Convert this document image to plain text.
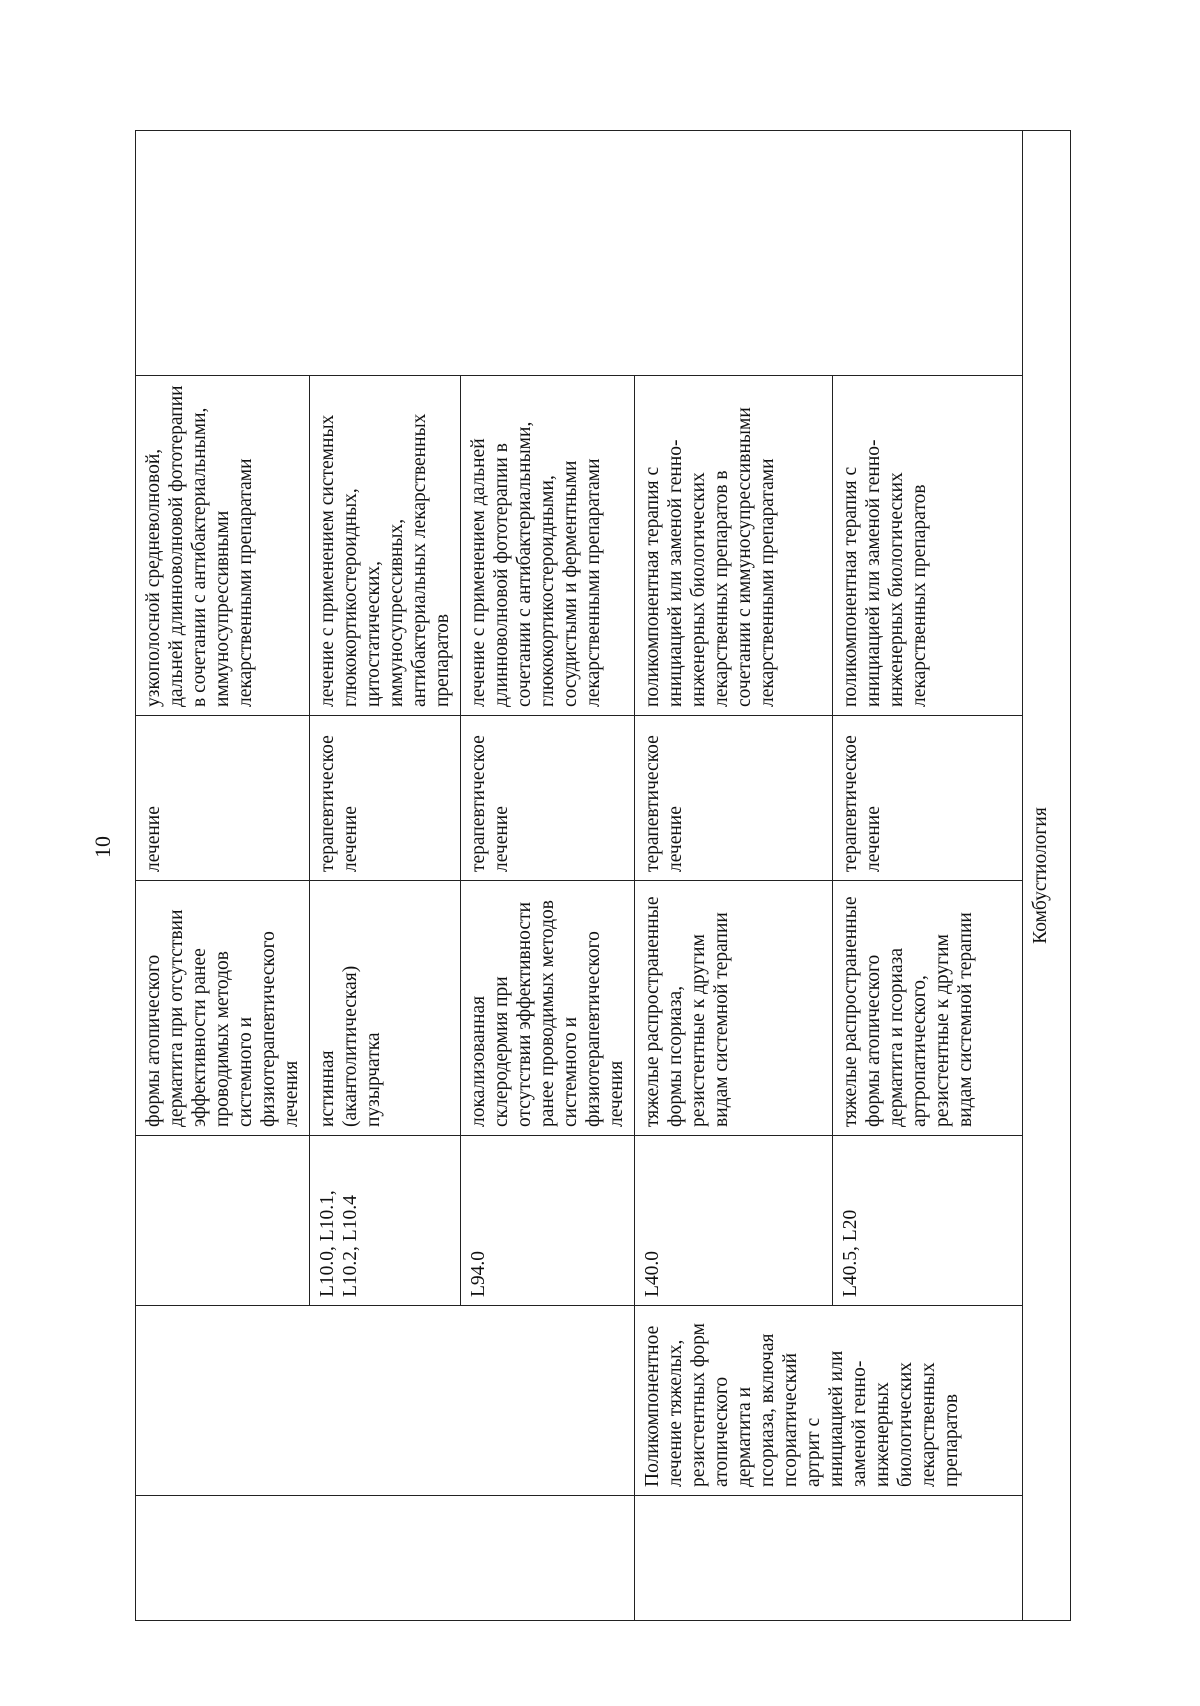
10
			формы атопического дерматита при отсутствии эффективности ранее проводимых методов системного и физиотерапевтического лечения	лечение	узкополосной средневолновой, дальней длинноволновой фототерапии в сочетании с антибактериальными, иммуносупрессивными лекарственными препаратами	
		L10.0, L10.1, L10.2, L10.4	истинная (акантолитическая) пузырчатка	терапевтическое лечение	лечение с применением системных глюкокортикостероидных, цитостатических, иммуносупрессивных, антибактериальных лекарственных препаратов	
		L94.0	локализованная склеродермия при отсутствии эффективности ранее проводимых методов системного и физиотерапевтического лечения	терапевтическое лечение	лечение с применением дальней длинноволновой фототерапии в сочетании с антибактериальными, глюкокортикостероидными, сосудистыми и ферментными лекарственными препаратами	
	Поликомпонентное лечение тяжелых, резистентных форм атопического дерматита и псориаза, включая псориатический артрит с инициацией или заменой генно-инженерных биологических лекарственных препаратов	L40.0	тяжелые распространенные формы псориаза, резистентные к другим видам системной терапии	терапевтическое лечение	поликомпонентная терапия с инициацией или заменой генно-инженерных биологических лекарственных препаратов в сочетании с иммуносупрессивными лекарственными препаратами	
		L40.5, L20	тяжелые распространенные формы атопического дерматита и псориаза артропатического, резистентные к другим видам системной терапии	терапевтическое лечение	поликомпонентная терапия с инициацией или заменой генно-инженерных биологических лекарственных препаратов	
Комбустиология						
